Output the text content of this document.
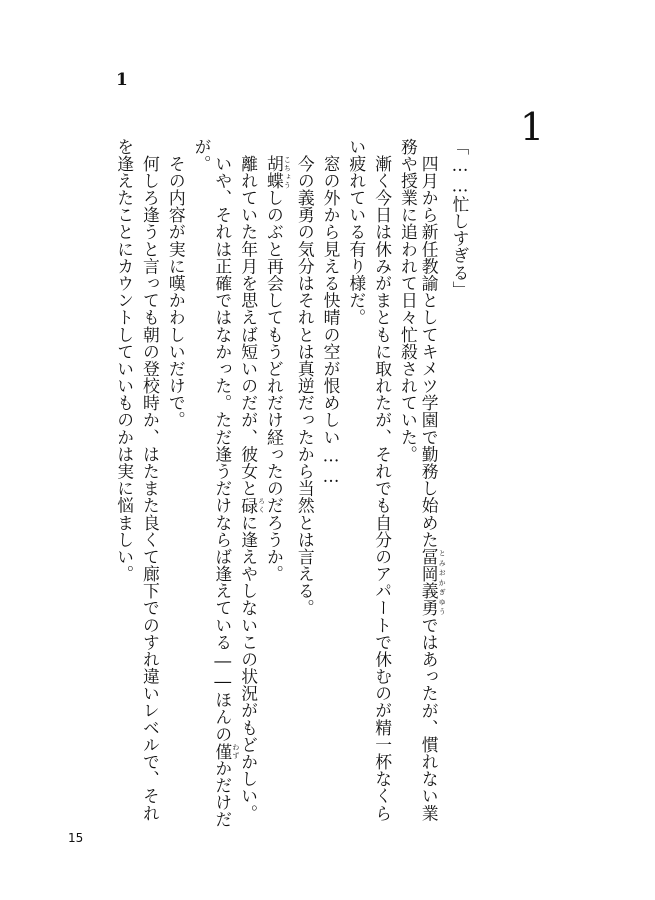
1
1
「……忙しすぎる」
　四月から新任教諭としてキメツ学園で勤務し始めた冨岡義勇 とみおかぎゆうではあったが、慣れない業
務や授業に追われて日々忙殺されていた。
　漸く今日は休みがまともに取れたが、それでも自分のアパートで休むのが精一杯なくら
い疲れている有り様だ。
　窓の外から見える快晴の空が恨めしい……
　今の義勇の気分はそれとは真逆だったから当然とは言える。
　胡蝶 こちょうしのぶと再会してもうどれだけ経ったのだろうか。
　離れていた年月を思えば短いのだが、彼女と碌 ろくに逢えやしないこの状況がもどかしい。
　いや、それは正確ではなかった。ただ逢うだけならば逢えている――ほんの僅 わずかだけだ
が。
　その内容が実に嘆かわしいだけで。
　何しろ逢うと言っても朝の登校時か、はたまた良くて廊下でのすれ違いレベルで、それ
を逢えたことにカウントしていいものかは実に悩ましい。
15
